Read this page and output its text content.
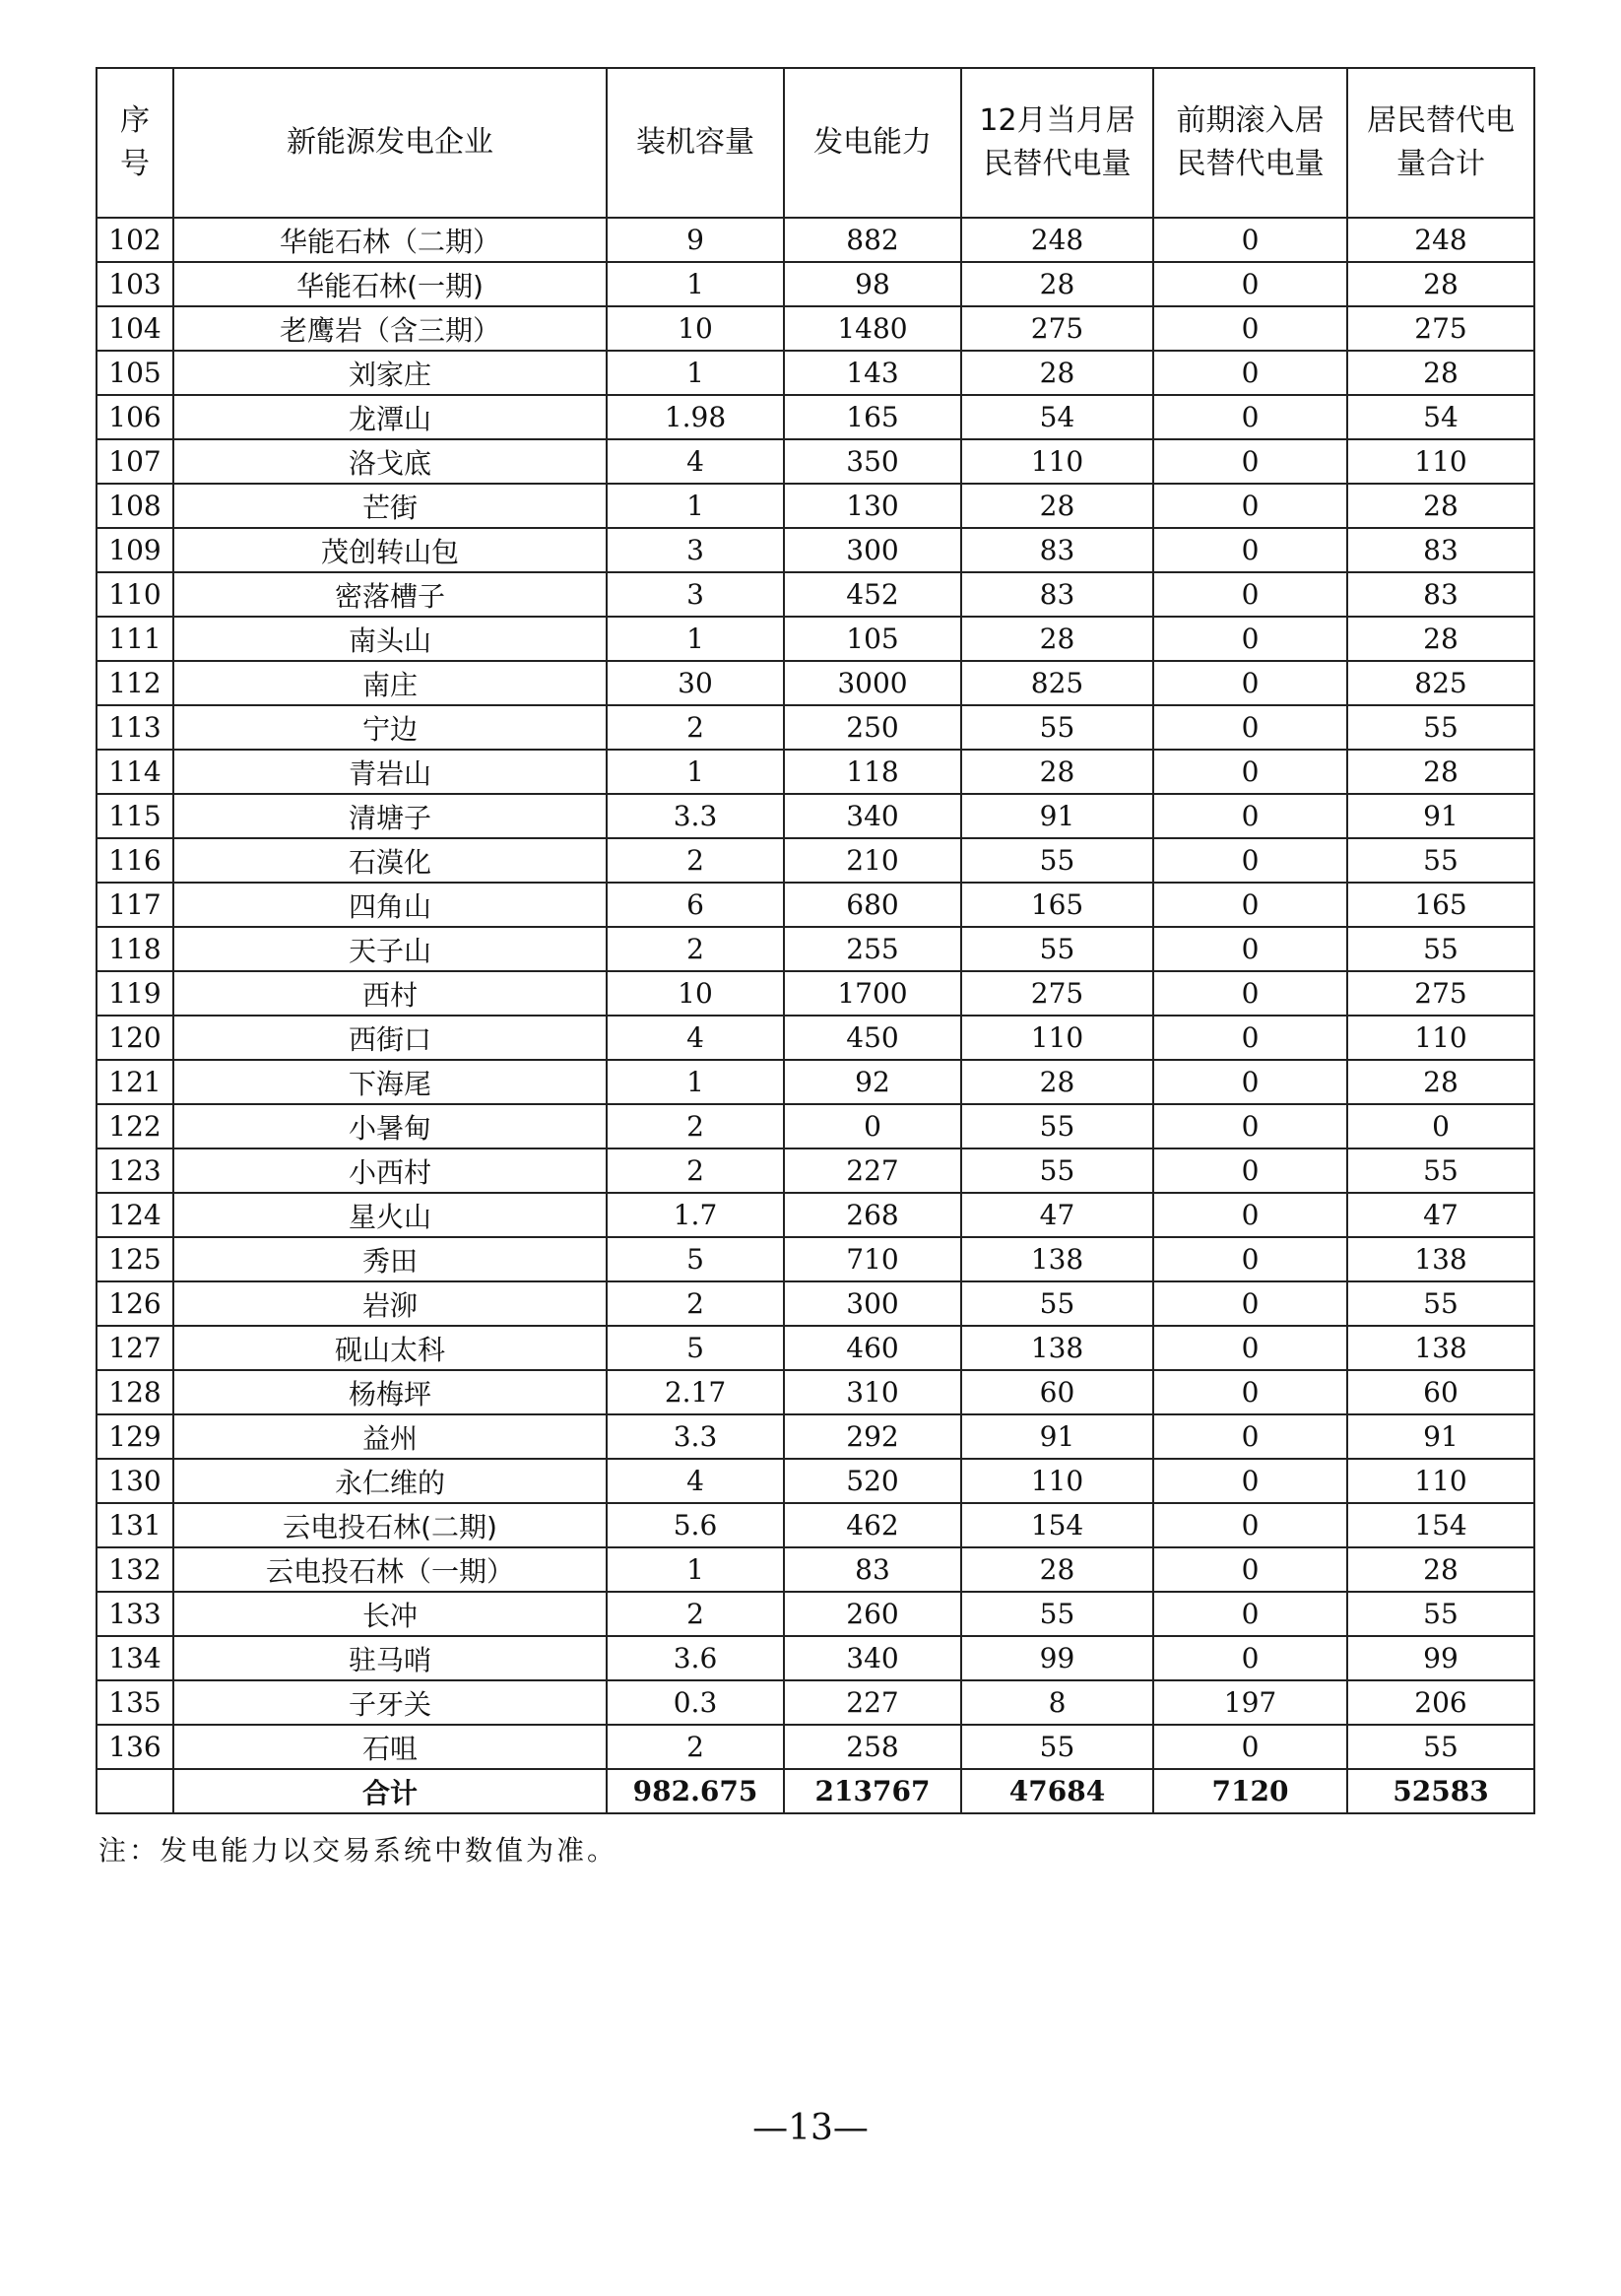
序号	新能源发电企业	装机容量	发电能力	12月当月居民替代电量	前期滚入居民替代电量	居民替代电量合计
102	华能石林（二期）	9	882	248	0	248
103	华能石林(一期)	1	98	28	0	28
104	老鹰岩（含三期）	10	1480	275	0	275
105	刘家庄	1	143	28	0	28
106	龙潭山	1.98	165	54	0	54
107	洛戈底	4	350	110	0	110
108	芒街	1	130	28	0	28
109	茂创转山包	3	300	83	0	83
110	密落槽子	3	452	83	0	83
111	南头山	1	105	28	0	28
112	南庄	30	3000	825	0	825
113	宁边	2	250	55	0	55
114	青岩山	1	118	28	0	28
115	清塘子	3.3	340	91	0	91
116	石漠化	2	210	55	0	55
117	四角山	6	680	165	0	165
118	天子山	2	255	55	0	55
119	西村	10	1700	275	0	275
120	西街口	4	450	110	0	110
121	下海尾	1	92	28	0	28
122	小暑甸	2	0	55	0	0
123	小西村	2	227	55	0	55
124	星火山	1.7	268	47	0	47
125	秀田	5	710	138	0	138
126	岩泖	2	300	55	0	55
127	砚山太科	5	460	138	0	138
128	杨梅坪	2.17	310	60	0	60
129	益州	3.3	292	91	0	91
130	永仁维的	4	520	110	0	110
131	云电投石林(二期)	5.6	462	154	0	154
132	云电投石林（一期）	1	83	28	0	28
133	长冲	2	260	55	0	55
134	驻马哨	3.6	340	99	0	99
135	子牙关	0.3	227	8	197	206
136	石咀	2	258	55	0	55
	合计	982.675	213767	47684	7120	52583
注：发电能力以交易系统中数值为准。
—13—
